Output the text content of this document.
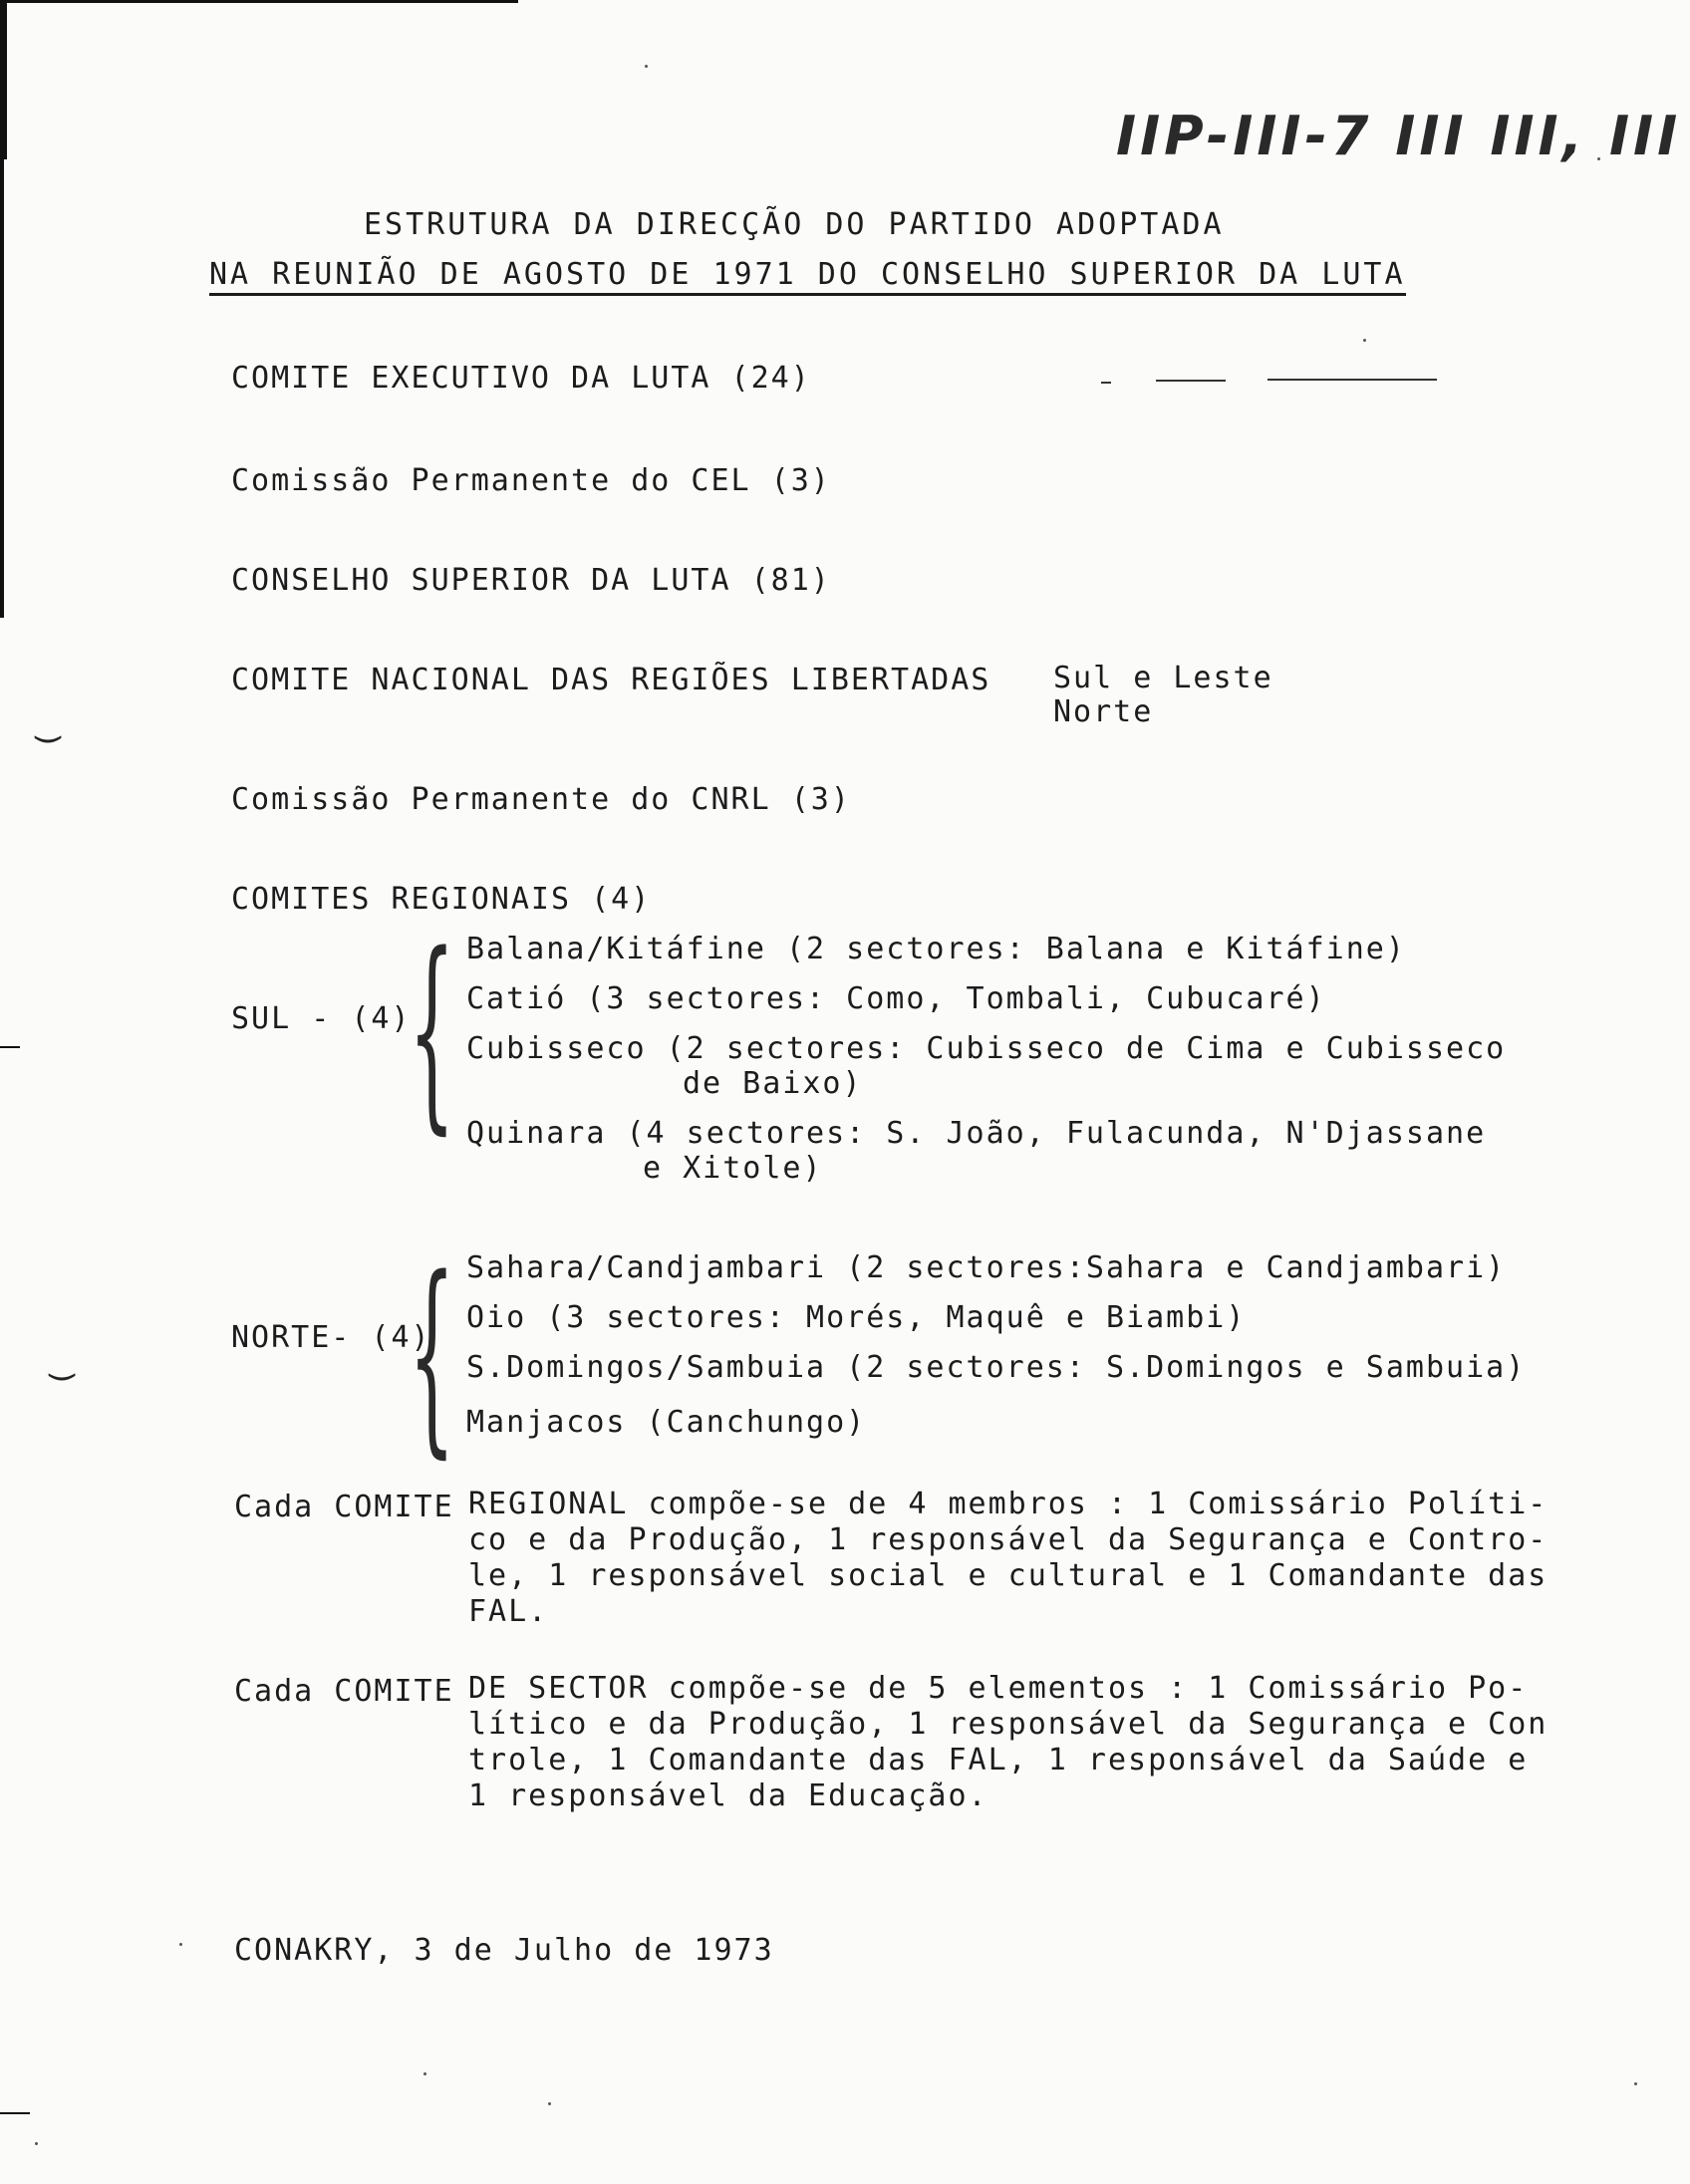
‿
‿
IIP-III-7 III III, III
ESTRUTURA DA DIRECÇÃO DO PARTIDO ADOPTADA
NA REUNIÃO DE AGOSTO DE 1971 DO CONSELHO SUPERIOR DA LUTA
COMITE EXECUTIVO DA LUTA (24)
Comissão Permanente do CEL (3)
CONSELHO SUPERIOR DA LUTA (81)
COMITE NACIONAL DAS REGIÕES LIBERTADAS Sul e Leste
Norte
Comissão Permanente do CNRL (3)
COMITES REGIONAIS (4)
SUL - (4)
{ Balana/Kitáfine (2 sectores: Balana e Kitáfine)
Catió (3 sectores: Como, Tombali, Cubucaré)
Cubisseco (2 sectores: Cubisseco de Cima e Cubisseco
de Baixo)
Quinara (4 sectores: S. João, Fulacunda, N'Djassane
e Xitole)
NORTE- (4)
{ Sahara/Candjambari (2 sectores:Sahara e Candjambari)
Oio (3 sectores: Morés, Maquê e Biambi)
S.Domingos/Sambuia (2 sectores: S.Domingos e Sambuia)
Manjacos (Canchungo)
Cada COMITE REGIONAL compõe-se de 4 membros : 1 Comissário Políti-
co e da Produção, 1 responsável da Segurança e Contro-
le, 1 responsável social e cultural e 1 Comandante das
FAL.
Cada COMITE DE SECTOR compõe-se de 5 elementos : 1 Comissário Po-
lítico e da Produção, 1 responsável da Segurança e Con
trole, 1 Comandante das FAL, 1 responsável da Saúde e
1 responsável da Educação.
CONAKRY, 3 de Julho de 1973
